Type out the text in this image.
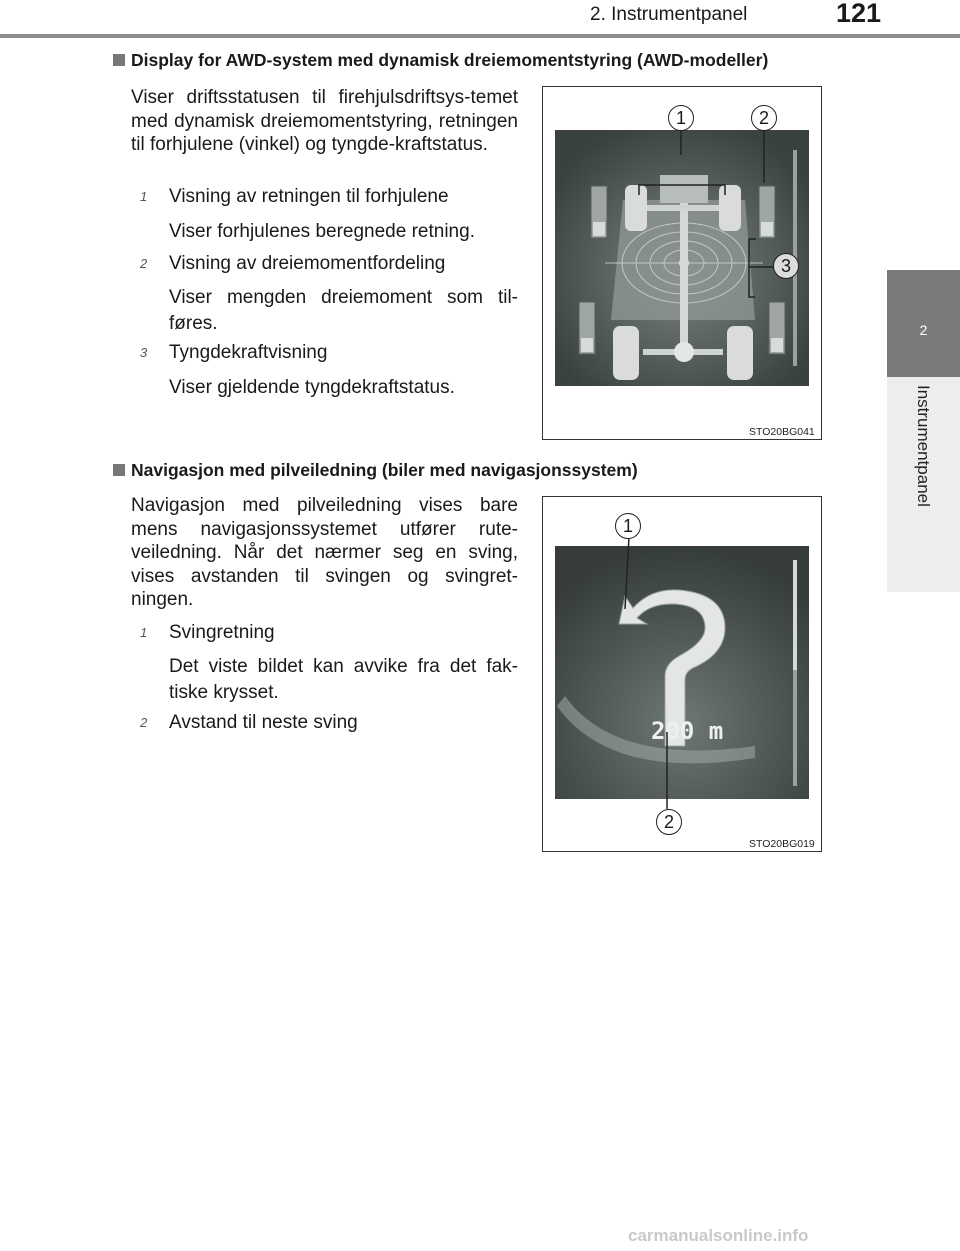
2. Instrumentpanel	121
2
Instrumentpanel
Display for AWD-system med dynamisk dreiemomentstyring (AWD-modeller)
Viser driftsstatusen til firehjulsdriftsys-temet med dynamisk dreiemomentstyring, retningen til forhjulene (vinkel) og tyngde-kraftstatus.
1 Visning av retningen til forhjulene
Viser forhjulenes beregnede retning.
2 Visning av dreiemomentfordeling
Viser mengden dreiemoment som til-føres.
3 Tyngdekraftvisning
Viser gjeldende tyngdekraftstatus.
1	2
3
STO20BG041
Navigasjon med pilveiledning (biler med navigasjonssystem)
Navigasjon med pilveiledning vises bare mens navigasjonssystemet utfører rute-veiledning. Når det nærmer seg en sving, vises avstanden til svingen og svingret-ningen.
1 Svingretning
Det viste bildet kan avvike fra det fak-tiske krysset.
2 Avstand til neste sving	200 m
1
2
STO20BG019
carmanualsonline.info
